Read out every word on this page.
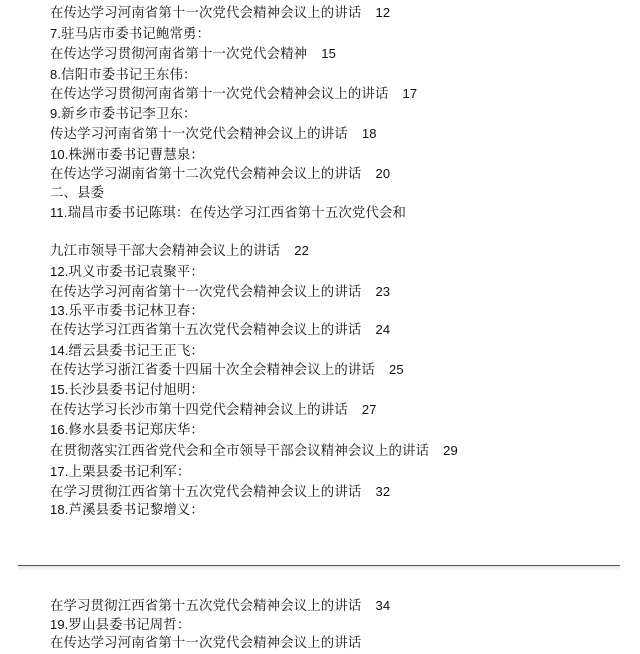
在传达学习河南省第十一次党代会精神会议上的讲话 12
7.驻马店市委书记鲍常勇：
在传达学习贯彻河南省第十一次党代会精神 15
8.信阳市委书记王东伟：
在传达学习贯彻河南省第十一次党代会精神会议上的讲话 17
9.新乡市委书记李卫东：
传达学习河南省第十一次党代会精神会议上的讲话 18
10.株洲市委书记曹慧泉：
在传达学习湖南省第十二次党代会精神会议上的讲话 20
二、县委
11.瑞昌市委书记陈琪：在传达学习江西省第十五次党代会和
九江市领导干部大会精神会议上的讲话 22
12.巩义市委书记袁聚平：
在传达学习河南省第十一次党代会精神会议上的讲话 23
13.乐平市委书记林卫春：
在传达学习江西省第十五次党代会精神会议上的讲话 24
14.缙云县委书记王正飞：
在传达学习浙江省委十四届十次全会精神会议上的讲话 25
15.长沙县委书记付旭明：
在传达学习长沙市第十四党代会精神会议上的讲话 27
16.修水县委书记郑庆华：
在贯彻落实江西省党代会和全市领导干部会议精神会议上的讲话 29
17.上栗县委书记利军：
在学习贯彻江西省第十五次党代会精神会议上的讲话 32
18.芦溪县委书记黎增义：
在学习贯彻江西省第十五次党代会精神会议上的讲话 34
19.罗山县委书记周哲：
在传达学习河南省第十一次党代会精神会议上的讲话
